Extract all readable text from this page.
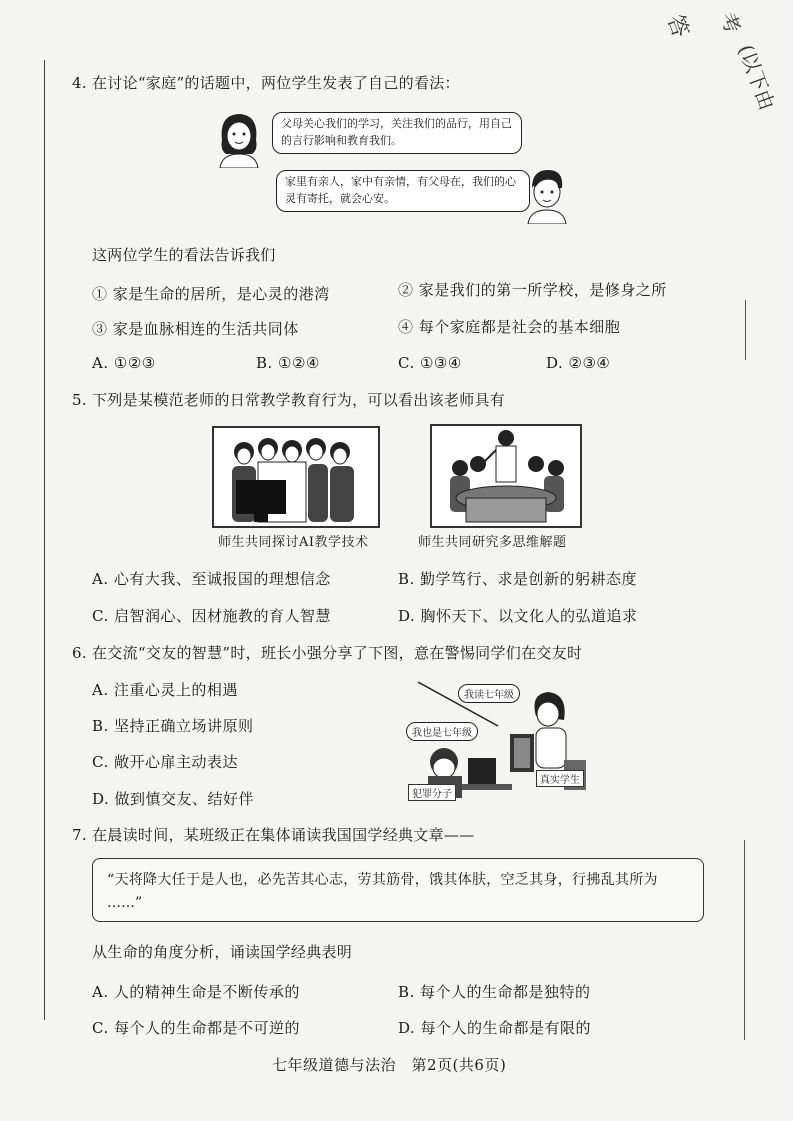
答
(以下由
考
4. 在讨论“家庭”的话题中，两位学生发表了自己的看法：
父母关心我们的学习，关注我们的品行，用自己的言行影响和教育我们。
家里有亲人，家中有亲情，有父母在，我们的心灵有寄托，就会心安。
这两位学生的看法告诉我们
① 家是生命的居所，是心灵的港湾	② 家是我们的第一所学校，是修身之所
③ 家是血脉相连的生活共同体	④ 每个家庭都是社会的基本细胞
A. ①②③	B. ①②④	C. ①③④	D. ②③④
5. 下列是某模范老师的日常教学教育行为，可以看出该老师具有
师生共同探讨AI教学技术	师生共同研究多思维解题
A. 心有大我、至诚报国的理想信念	B. 勤学笃行、求是创新的躬耕态度
C. 启智润心、因材施教的育人智慧	D. 胸怀天下、以文化人的弘道追求
6. 在交流“交友的智慧”时，班长小强分享了下图，意在警惕同学们在交友时
A. 注重心灵上的相遇
B. 坚持正确立场讲原则
C. 敞开心扉主动表达
D. 做到慎交友、结好伴
我读七年级
我也是七年级
真实学生
犯罪分子
7. 在晨读时间，某班级正在集体诵读我国国学经典文章——
“天将降大任于是人也，必先苦其心志，劳其筋骨，饿其体肤，空乏其身，行拂乱其所为
……”
从生命的角度分析，诵读国学经典表明
A. 人的精神生命是不断传承的	B. 每个人的生命都是独特的
C. 每个人的生命都是不可逆的	D. 每个人的生命都是有限的
七年级道德与法治　第2页(共6页)
